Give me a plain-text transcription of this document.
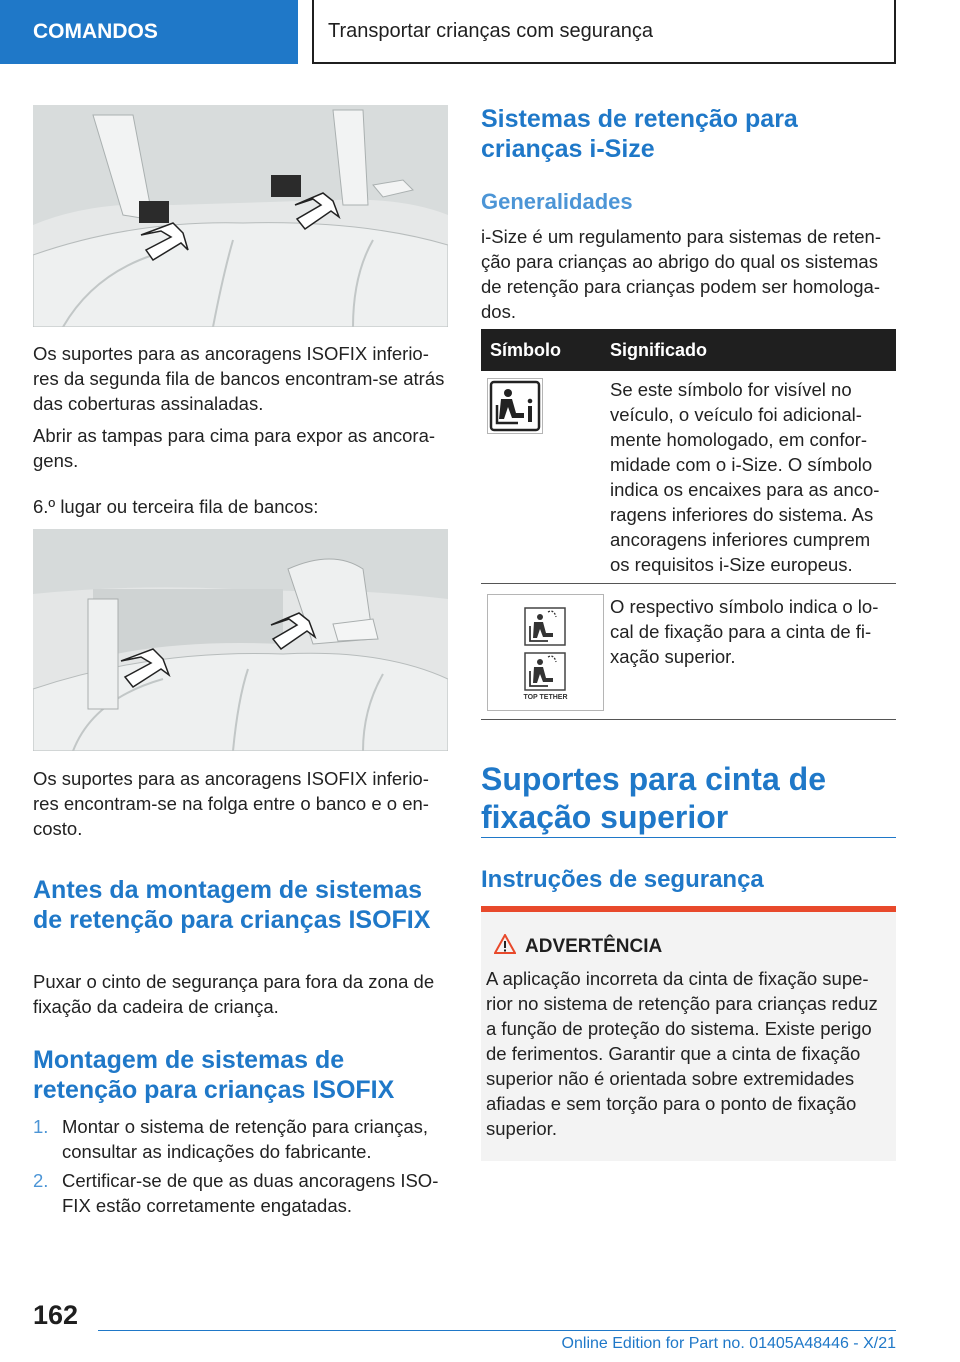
COMANDOS	Transportar crianças com segurança

Os suportes para as ancoragens ISOFIX inferio-res da segunda fila de bancos encontram-se atrás das coberturas assinaladas.

Abrir as tampas para cima para expor as ancora-gens.

6.º lugar ou terceira fila de bancos:

Os suportes para as ancoragens ISOFIX inferio-res encontram-se na folga entre o banco e o en-costo.

Antes da montagem de sistemas de retenção para crianças ISOFIX

Puxar o cinto de segurança para fora da zona de fixação da cadeira de criança.

Montagem de sistemas de retenção para crianças ISOFIX
1. Montar o sistema de retenção para crianças, consultar as indicações do fabricante.
2. Certificar-se de que as duas ancoragens ISO-FIX estão corretamente engatadas.
Sistemas de retenção para crianças i-Size
Generalidades

i-Size é um regulamento para sistemas de reten-ção para crianças ao abrigo do qual os sistemas de retenção para crianças podem ser homologa-dos.

Símbolo	Significado

Se este símbolo for visível no veículo, o veículo foi adicional-mente homologado, em confor-midade com o i-Size. O símbolo indica os encaixes para as anco-ragens inferiores do sistema. As ancoragens inferiores cumprem os requisitos i-Size europeus.

TOP TETHER

O respectivo símbolo indica o lo-cal de fixação para a cinta de fi-xação superior.

Suportes para cinta de fixação superior
Instruções de segurança
ADVERTÊNCIA

A aplicação incorreta da cinta de fixação supe-rior no sistema de retenção para crianças reduz a função de proteção do sistema. Existe perigo de ferimentos. Garantir que a cinta de fixação superior não é orientada sobre extremidades afiadas e sem torção para o ponto de fixação superior.

162
Online Edition for Part no. 01405A48446 - X/21
